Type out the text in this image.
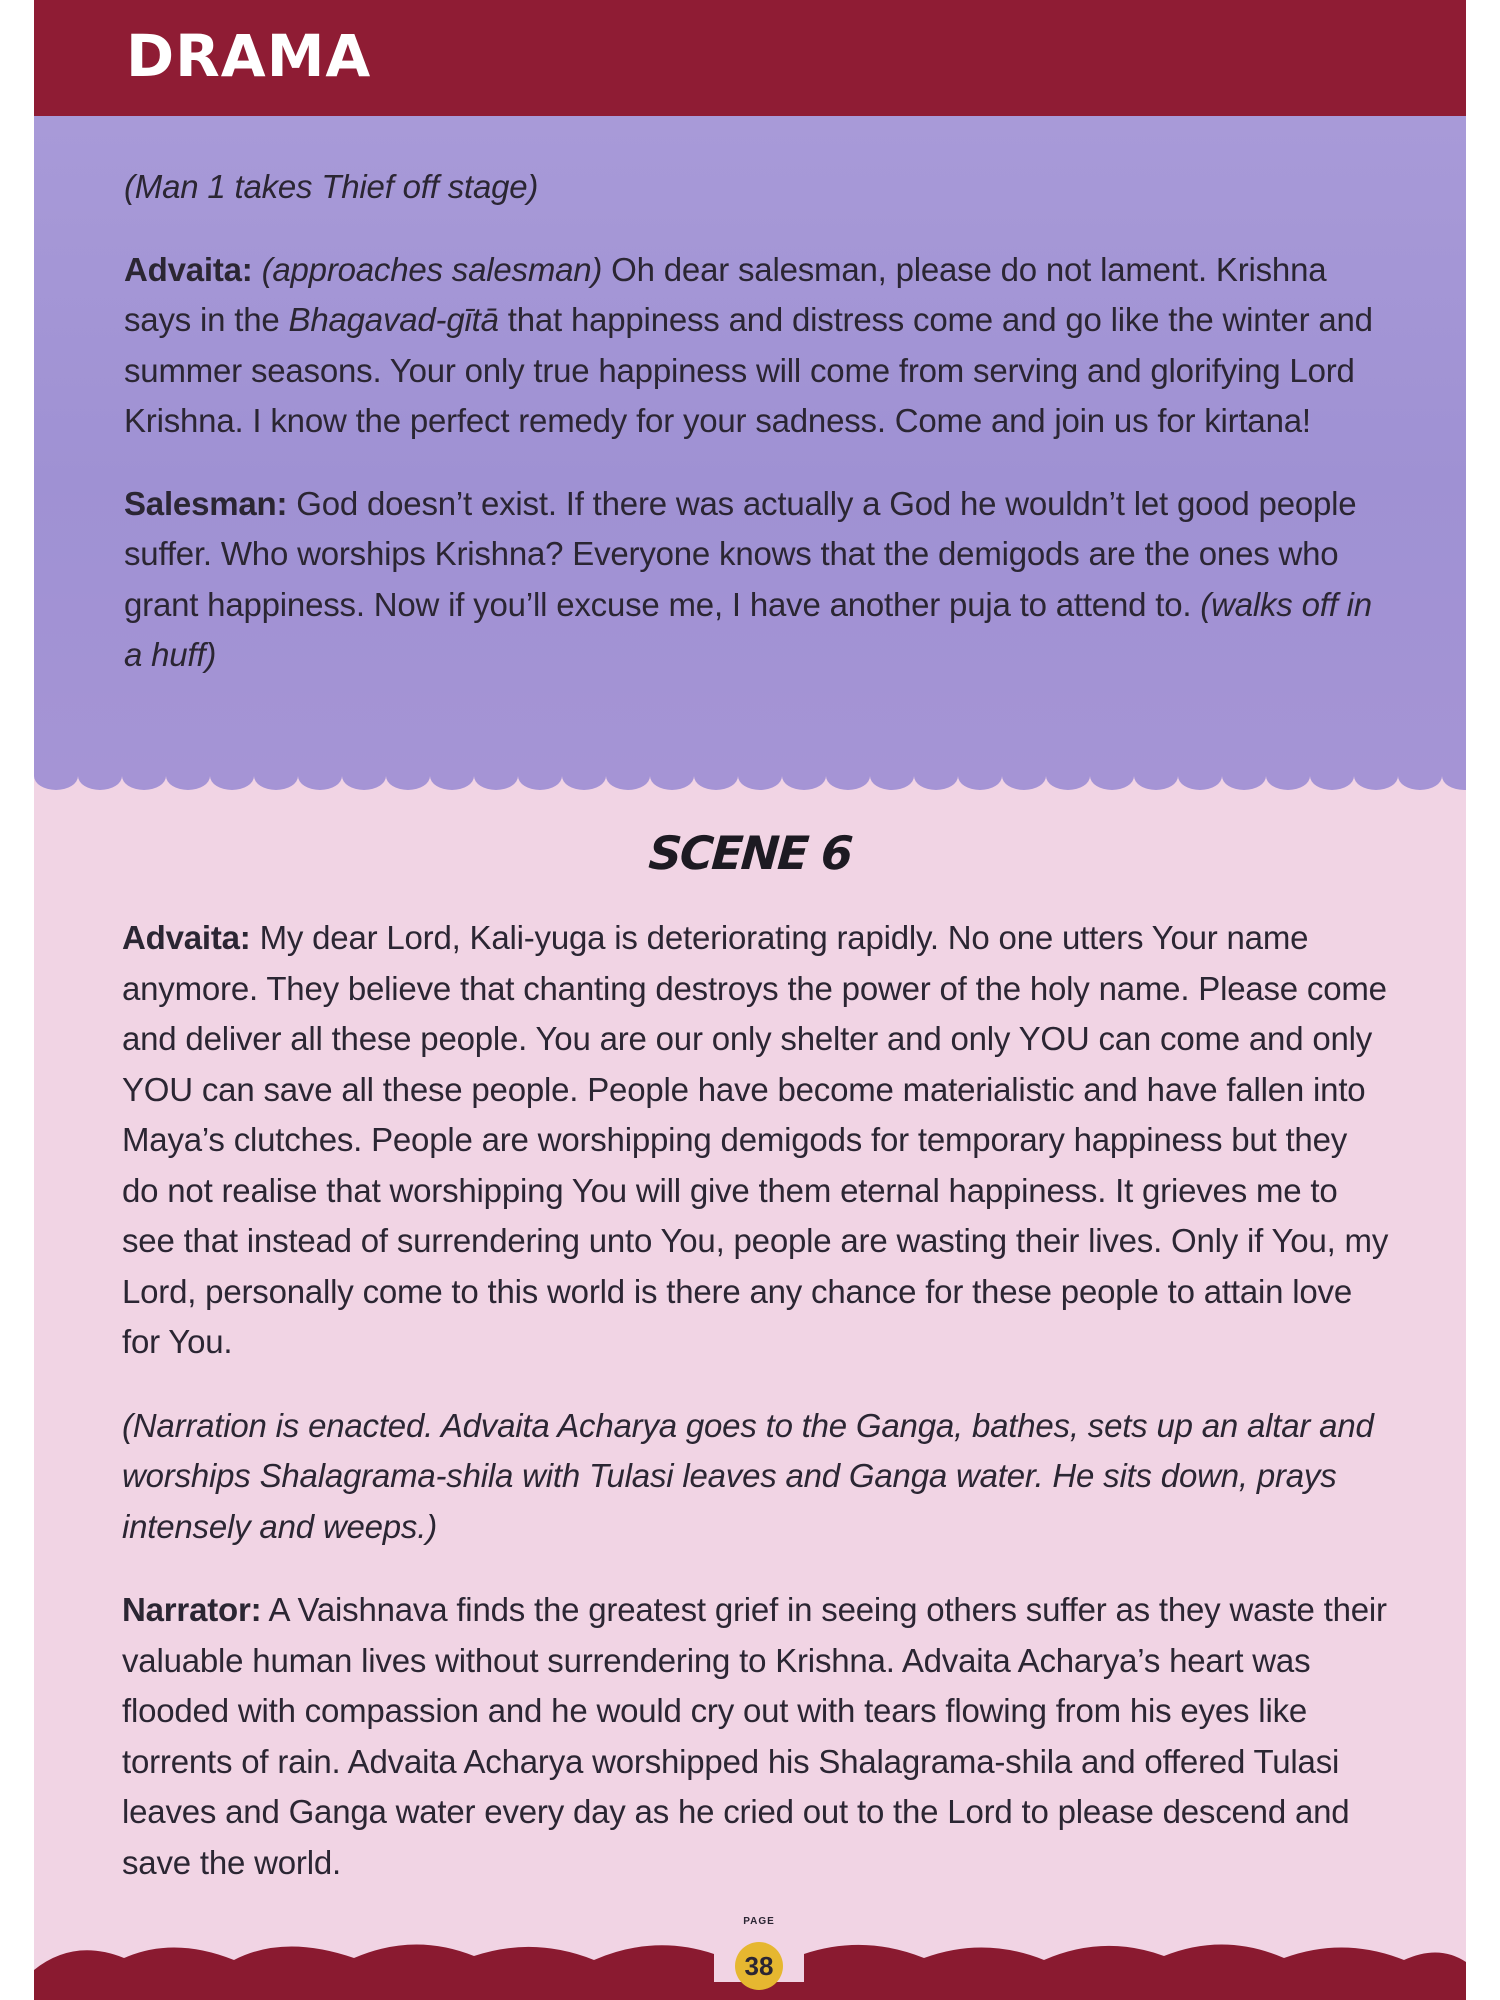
DRAMA

(Man 1 takes Thief off stage)

Advaita: (approaches salesman) Oh dear salesman, please do not lament. Krishna says in the Bhagavad-gītā that happiness and distress come and go like the winter and summer seasons. Your only true happiness will come from serving and glorifying Lord Krishna. I know the perfect remedy for your sadness. Come and join us for kirtana!

Salesman: God doesn’t exist. If there was actually a God he wouldn’t let good people suffer. Who worships Krishna? Everyone knows that the demigods are the ones who grant happiness. Now if you’ll excuse me, I have another puja to attend to. (walks off in a huff)

SCENE 6

Advaita: My dear Lord, Kali-yuga is deteriorating rapidly. No one utters Your name anymore. They believe that chanting destroys the power of the holy name. Please come and deliver all these people. You are our only shelter and only YOU can come and only YOU can save all these people. People have become materialistic and have fallen into Maya’s clutches. People are worshipping demigods for temporary happiness but they do not realise that worshipping You will give them eternal happiness. It grieves me to see that instead of surrendering unto You, people are wasting their lives. Only if You, my Lord, personally come to this world is there any chance for these people to attain love for You.

(Narration is enacted. Advaita Acharya goes to the Ganga, bathes, sets up an altar and worships Shalagrama-shila with Tulasi leaves and Ganga water. He sits down, prays intensely and weeps.)

Narrator: A Vaishnava finds the greatest grief in seeing others suffer as they waste their valuable human lives without surrendering to Krishna. Advaita Acharya’s heart was flooded with compassion and he would cry out with tears flowing from his eyes like torrents of rain. Advaita Acharya worshipped his Shalagrama-shila and offered Tulasi leaves and Ganga water every day as he cried out to the Lord to please descend and save the world.

PAGE
38
